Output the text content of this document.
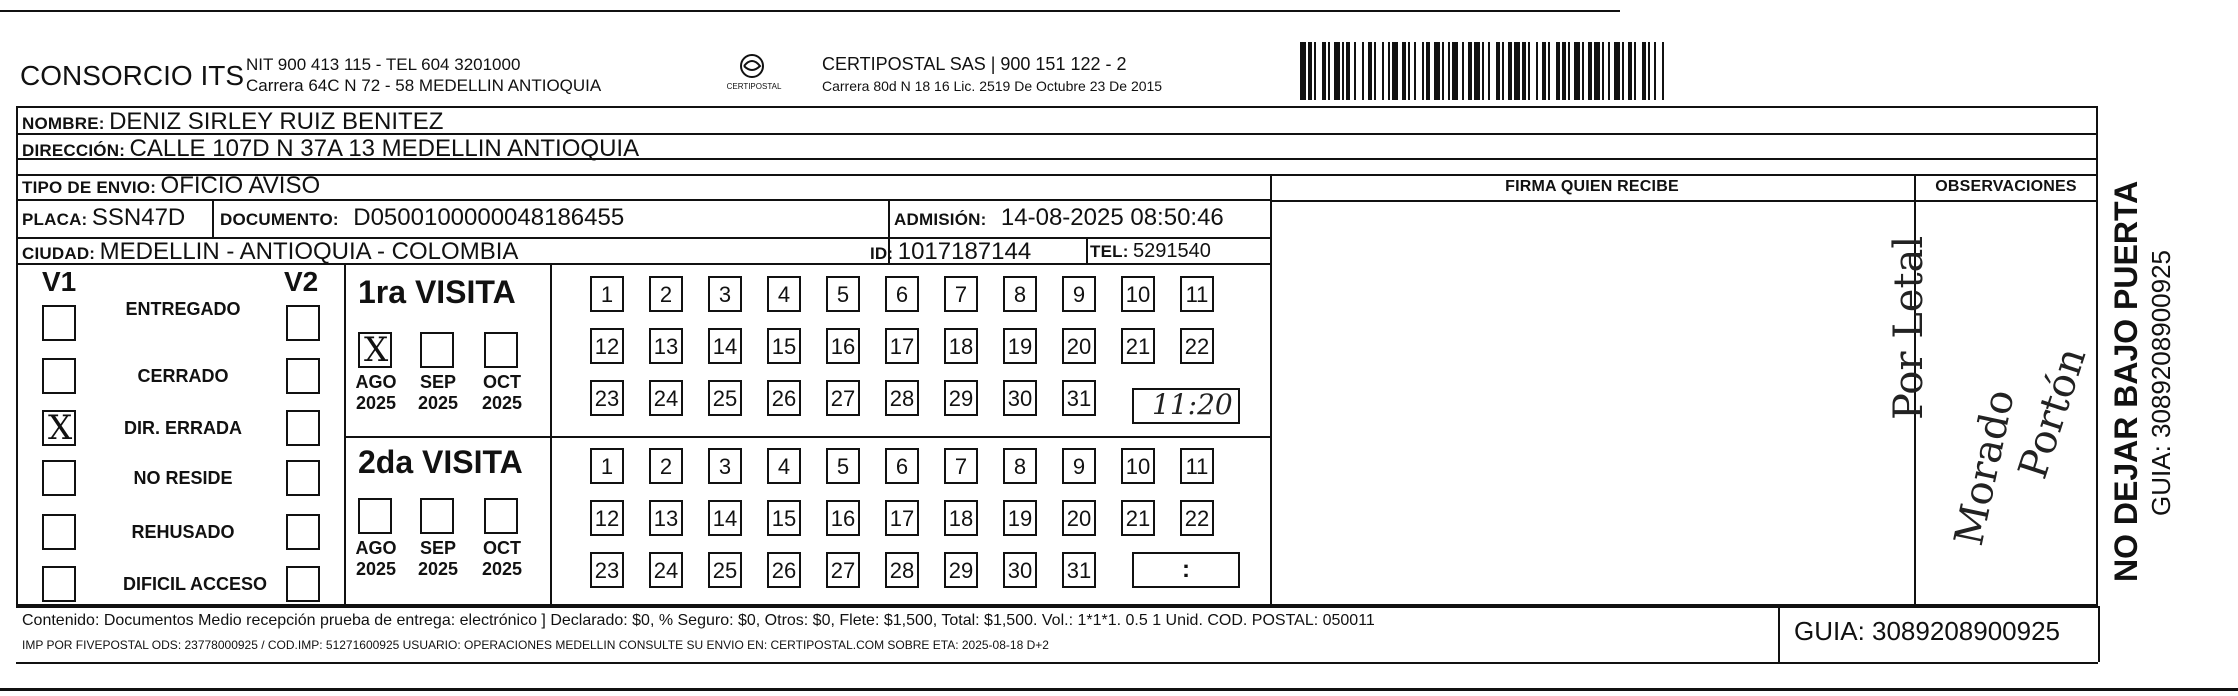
CONSORCIO ITS NIT 900 413 115 - TEL 604 3201000
Carrera 64C N 72 - 58 MEDELLIN ANTIOQUIA	CERTIPOSTAL
CERTIPOSTAL SAS | 900 151 122 - 2
Carrera 80d N 18 16 Lic. 2519 De Octubre 23 De 2015
NOMBRE: DENIZ SIRLEY RUIZ BENITEZ
DIRECCIÓN: CALLE 107D N 37A 13 MEDELLIN ANTIOQUIA
TIPO DE ENVIO: OFICIO AVISO	FIRMA QUIEN RECIBE	OBSERVACIONES
PLACA: SSN47D DOCUMENTO: D0500100000048186455	ADMISIÓN: 14-08-2025 08:50:46
CIUDAD: MEDELLIN - ANTIOQUIA - COLOMBIA	ID: 1017187144	TEL: 5291540
V1	V2
ENTREGADO
CERRADO
X	DIR. ERRADA
NO RESIDE
REHUSADO
DIFICIL ACCESO
1ra VISITA
2da VISITA
X
AGO
2025
SEP
2025
OCT
2025
AGO
2025
SEP
2025
OCT
2025
1	2	3	4	5	6	7	8	9	10 11
12 13 14 15 16 17 18 19 20 21 22
23 24 25 26 27 28 29 30 31
1	2	3	4	5	6	7	8	9	10 11
12 13 14 15 16 17 18 19 20 21 22
23 24 25 26 27 28 29 30 31
11:20
:
Por Letal
Morado
Portón NO DEJAR BAJO PUERTA GUIA: 3089208900925
Contenido: Documentos Medio recepción prueba de entrega: electrónico ] Declarado: $0, % Seguro: $0, Otros: $0, Flete: $1,500, Total: $1,500. Vol.: 1*1*1. 0.5 1 Unid. COD. POSTAL: 050011
IMP POR FIVEPOSTAL ODS: 23778000925 / COD.IMP: 51271600925 USUARIO: OPERACIONES MEDELLIN CONSULTE SU ENVIO EN: CERTIPOSTAL.COM SOBRE ETA: 2025-08-18 D+2	GUIA: 3089208900925
